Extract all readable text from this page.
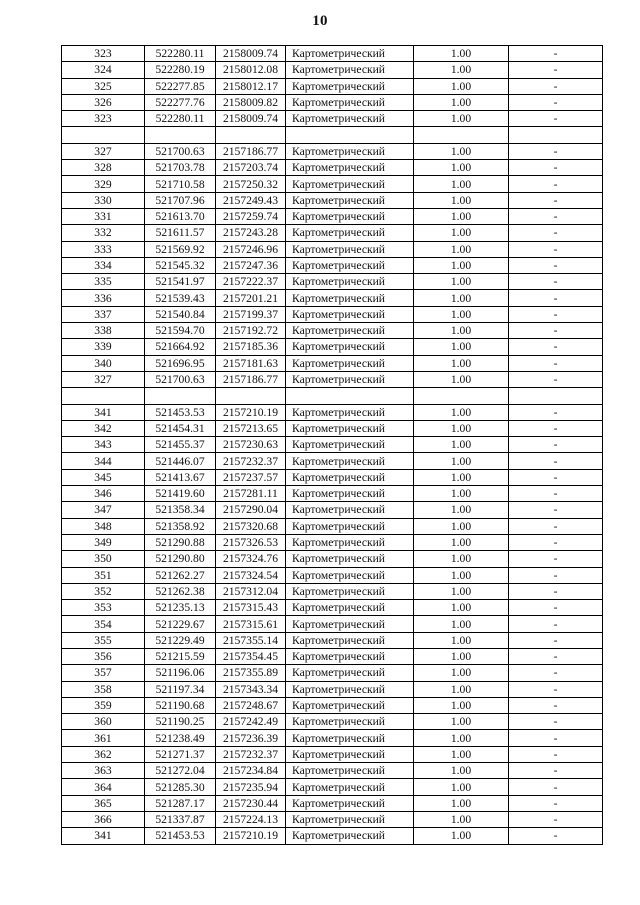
10
323	522280.11	2158009.74	Картометрический	1.00	-
324	522280.19	2158012.08	Картометрический	1.00	-
325	522277.85	2158012.17	Картометрический	1.00	-
326	522277.76	2158009.82	Картометрический	1.00	-
323	522280.11	2158009.74	Картометрический	1.00	-

327	521700.63	2157186.77	Картометрический	1.00	-
328	521703.78	2157203.74	Картометрический	1.00	-
329	521710.58	2157250.32	Картометрический	1.00	-
330	521707.96	2157249.43	Картометрический	1.00	-
331	521613.70	2157259.74	Картометрический	1.00	-
332	521611.57	2157243.28	Картометрический	1.00	-
333	521569.92	2157246.96	Картометрический	1.00	-
334	521545.32	2157247.36	Картометрический	1.00	-
335	521541.97	2157222.37	Картометрический	1.00	-
336	521539.43	2157201.21	Картометрический	1.00	-
337	521540.84	2157199.37	Картометрический	1.00	-
338	521594.70	2157192.72	Картометрический	1.00	-
339	521664.92	2157185.36	Картометрический	1.00	-
340	521696.95	2157181.63	Картометрический	1.00	-
327	521700.63	2157186.77	Картометрический	1.00	-

341	521453.53	2157210.19	Картометрический	1.00	-
342	521454.31	2157213.65	Картометрический	1.00	-
343	521455.37	2157230.63	Картометрический	1.00	-
344	521446.07	2157232.37	Картометрический	1.00	-
345	521413.67	2157237.57	Картометрический	1.00	-
346	521419.60	2157281.11	Картометрический	1.00	-
347	521358.34	2157290.04	Картометрический	1.00	-
348	521358.92	2157320.68	Картометрический	1.00	-
349	521290.88	2157326.53	Картометрический	1.00	-
350	521290.80	2157324.76	Картометрический	1.00	-
351	521262.27	2157324.54	Картометрический	1.00	-
352	521262.38	2157312.04	Картометрический	1.00	-
353	521235.13	2157315.43	Картометрический	1.00	-
354	521229.67	2157315.61	Картометрический	1.00	-
355	521229.49	2157355.14	Картометрический	1.00	-
356	521215.59	2157354.45	Картометрический	1.00	-
357	521196.06	2157355.89	Картометрический	1.00	-
358	521197.34	2157343.34	Картометрический	1.00	-
359	521190.68	2157248.67	Картометрический	1.00	-
360	521190.25	2157242.49	Картометрический	1.00	-
361	521238.49	2157236.39	Картометрический	1.00	-
362	521271.37	2157232.37	Картометрический	1.00	-
363	521272.04	2157234.84	Картометрический	1.00	-
364	521285.30	2157235.94	Картометрический	1.00	-
365	521287.17	2157230.44	Картометрический	1.00	-
366	521337.87	2157224.13	Картометрический	1.00	-
341	521453.53	2157210.19	Картометрический	1.00	-
